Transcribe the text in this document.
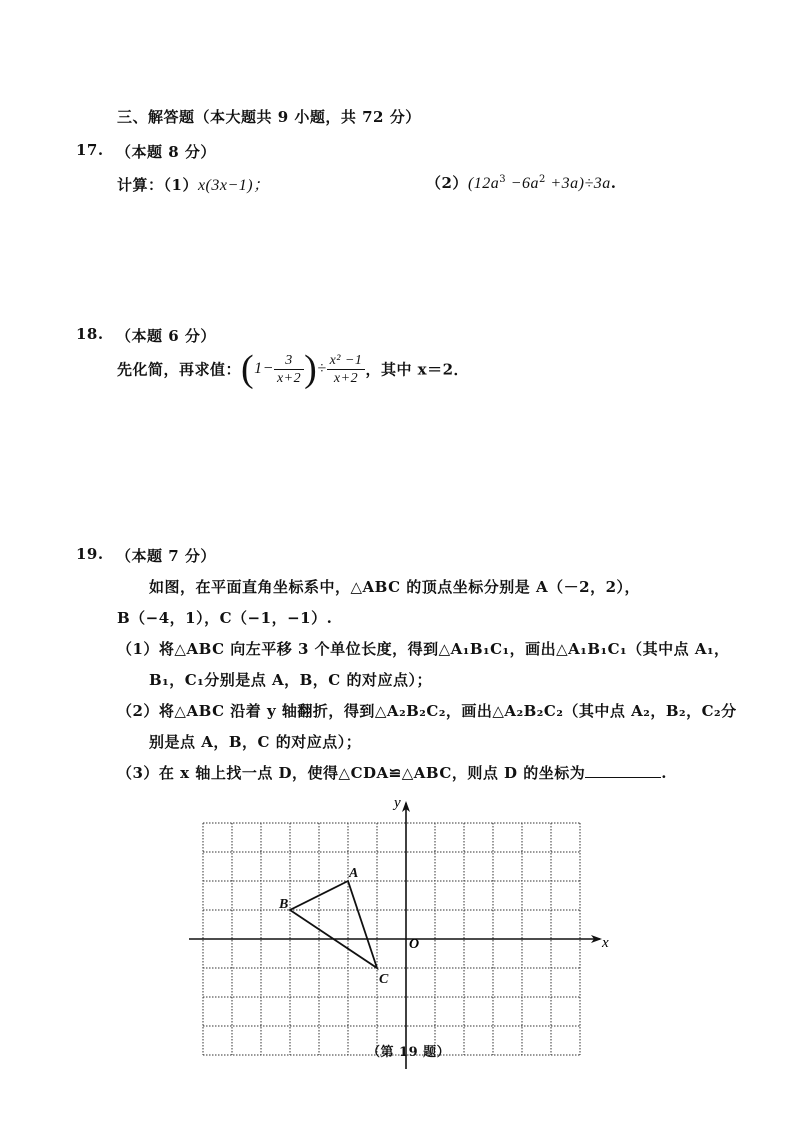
三、解答题（本大题共 9 小题，共 72 分）
17. （本题 8 分）
计算：（1）x(3x−1)；	$(2)(12a^3 -6a^2 +3a)\div 3a$.
18. （本题 6 分）
先化简，再求值：($1- \frac{3}{x+2}$ )÷ $\frac{\text{x² −1}}{x+2}$ ，其中 x＝2．
19. （本题 7 分）
如图，在平面直角坐标系中，△ABC 的顶点坐标分别是 A（－2，2），
B（−4，1），C（−1，−1）.
（1）将△ABC 向左平移 3 个单位长度，得到△A₁B₁C₁，画出△A₁B₁C₁（其中点 A₁，
B₁，C₁分别是点 A，B，C 的对应点）；
（2）将△ABC 沿着 y 轴翻折，得到△A₂B₂C₂，画出△A₂B₂C₂（其中点 A₂，B₂，C₂分
别是点 A，B，C 的对应点）；
（3）在 x 轴上找一点 D，使得△CDA≌△ABC，则点 D 的坐标为	.
A
B
C
x
y
O
（第 19 题）
